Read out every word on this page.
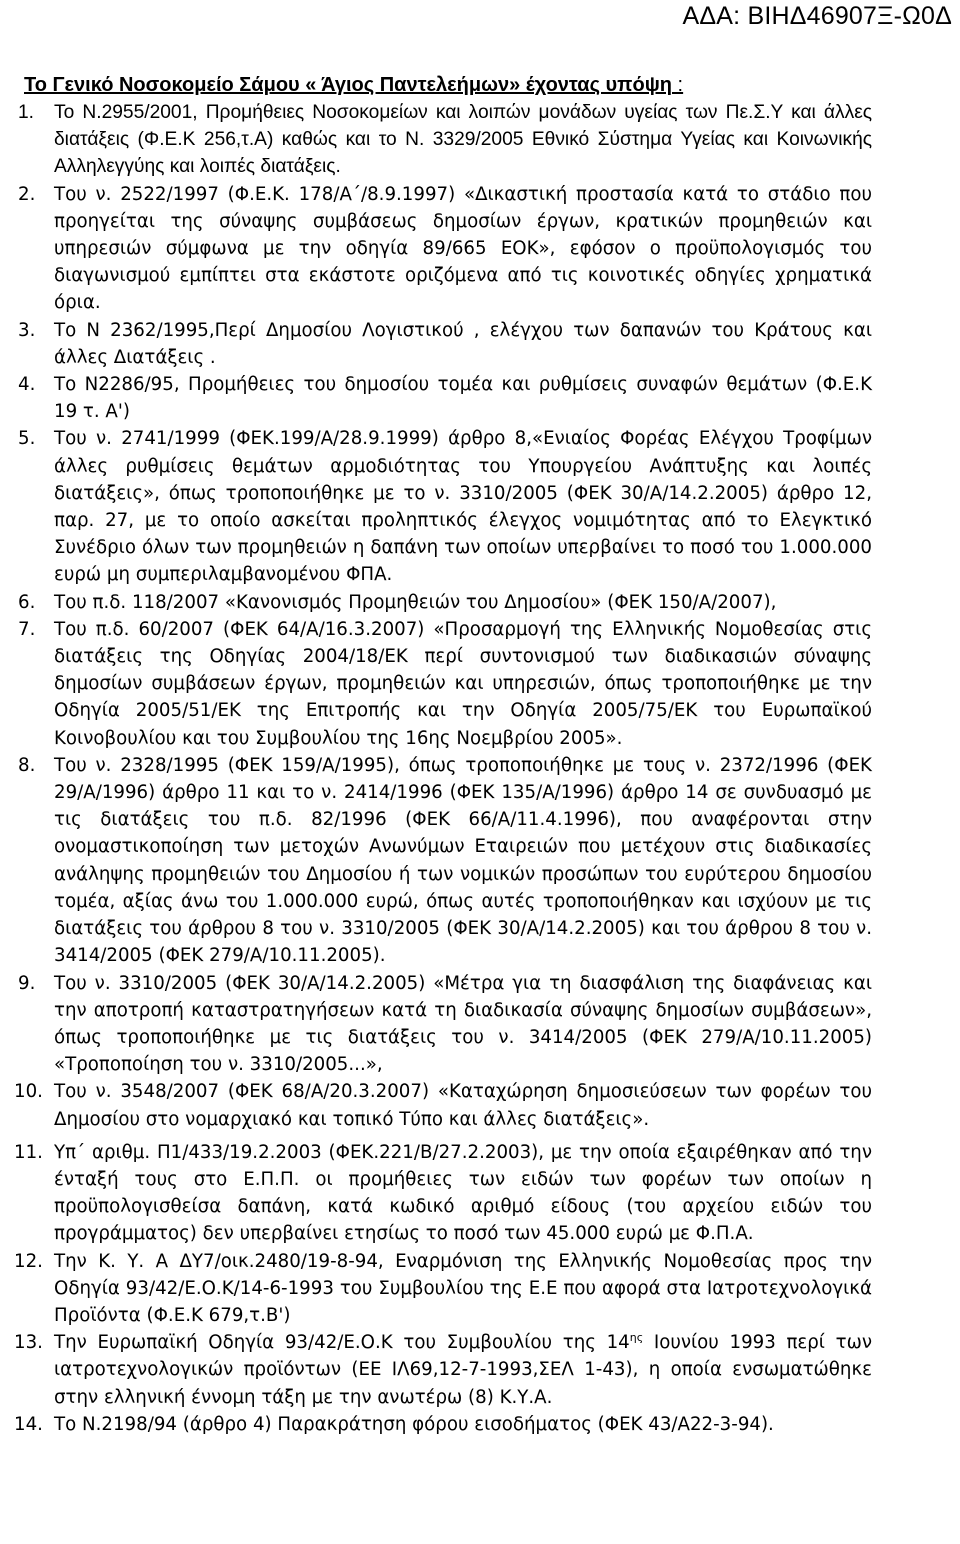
ΑΔΑ: ΒΙΗΔ46907Ξ-Ω0Δ
Το Γενικό Νοσοκομείο Σάμου « Άγιος Παντελεήμων» έχοντας υπόψη :
1. Το Ν.2955/2001, Προμήθειες Νοσοκομείων και λοιπών μονάδων υγείας των Πε.Σ.Υ και άλλες διατάξεις (Φ.Ε.Κ 256,τ.Α) καθώς και το Ν. 3329/2005 Εθνικό Σύστημα Υγείας και Κοινωνικής Αλληλεγγύης και λοιπές διατάξεις.
2. Του ν. 2522/1997 (Φ.Ε.Κ. 178/Α΄/8.9.1997) «Δικαστική προστασία κατά το στάδιο που προηγείται της σύναψης συμβάσεως δημοσίων έργων, κρατικών προμηθειών και υπηρεσιών σύμφωνα με την οδηγία 89/665 ΕΟΚ», εφόσον ο προϋπολογισμός του διαγωνισμού εμπίπτει στα εκάστοτε οριζόμενα από τις κοινοτικές οδηγίες χρηματικά όρια.
3. Το Ν 2362/1995,Περί Δημοσίου Λογιστικού , ελέγχου των δαπανών του Κράτους και άλλες Διατάξεις .
4. Το Ν2286/95, Προμήθειες του δημοσίου τομέα και ρυθμίσεις συναφών θεμάτων (Φ.Ε.Κ 19 τ. Α')
5. Του ν. 2741/1999 (ΦΕΚ.199/Α/28.9.1999) άρθρο 8,«Ενιαίος Φορέας Ελέγχου Τροφίμων άλλες ρυθμίσεις θεμάτων αρμοδιότητας του Υπουργείου Ανάπτυξης και λοιπές διατάξεις», όπως τροποποιήθηκε με το ν. 3310/2005 (ΦΕΚ 30/Α/14.2.2005) άρθρο 12, παρ. 27, με το οποίο ασκείται προληπτικός έλεγχος νομιμότητας από το Ελεγκτικό Συνέδριο όλων των προμηθειών η δαπάνη των οποίων υπερβαίνει το ποσό του 1.000.000 ευρώ μη συμπεριλαμβανομένου ΦΠΑ.
6. Του π.δ. 118/2007 «Κανονισμός Προμηθειών του Δημοσίου» (ΦΕΚ 150/Α/2007),
7. Του π.δ. 60/2007 (ΦΕΚ 64/Α/16.3.2007) «Προσαρμογή της Ελληνικής Νομοθεσίας στις διατάξεις της Οδηγίας 2004/18/ΕΚ περί συντονισμού των διαδικασιών σύναψης δημοσίων συμβάσεων έργων, προμηθειών και υπηρεσιών, όπως τροποποιήθηκε με την Οδηγία 2005/51/ΕΚ της Επιτροπής και την Οδηγία 2005/75/ΕΚ του Ευρωπαϊκού Κοινοβουλίου και του Συμβουλίου της 16ης Νοεμβρίου 2005».
8. Του ν. 2328/1995 (ΦΕΚ 159/Α/1995), όπως τροποποιήθηκε με τους ν. 2372/1996 (ΦΕΚ 29/Α/1996) άρθρο 11 και το ν. 2414/1996 (ΦΕΚ 135/Α/1996) άρθρο 14 σε συνδυασμό με τις διατάξεις του π.δ. 82/1996 (ΦΕΚ 66/Α/11.4.1996), που αναφέρονται στην ονομαστικοποίηση των μετοχών Ανωνύμων Εταιρειών που μετέχουν στις διαδικασίες ανάληψης προμηθειών του Δημοσίου ή των νομικών προσώπων του ευρύτερου δημοσίου τομέα, αξίας άνω του 1.000.000 ευρώ, όπως αυτές τροποποιήθηκαν και ισχύουν με τις διατάξεις του άρθρου 8 του ν. 3310/2005 (ΦΕΚ 30/Α/14.2.2005) και του άρθρου 8 του ν. 3414/2005 (ΦΕΚ 279/Α/10.11.2005).
9. Του ν. 3310/2005 (ΦΕΚ 30/Α/14.2.2005) «Μέτρα για τη διασφάλιση της διαφάνειας και την αποτροπή καταστρατηγήσεων κατά τη διαδικασία σύναψης δημοσίων συμβάσεων», όπως τροποποιήθηκε με τις διατάξεις του ν. 3414/2005 (ΦΕΚ 279/Α/10.11.2005) «Τροποποίηση του ν. 3310/2005...»,
10. Του ν. 3548/2007 (ΦΕΚ 68/Α/20.3.2007) «Καταχώρηση δημοσιεύσεων των φορέων του Δημοσίου στο νομαρχιακό και τοπικό Τύπο και άλλες διατάξεις».
11. Υπ΄ αριθμ. Π1/433/19.2.2003 (ΦΕΚ.221/Β/27.2.2003), με την οποία εξαιρέθηκαν από την ένταξή τους στο Ε.Π.Π. οι προμήθειες των ειδών των φορέων των οποίων η προϋπολογισθείσα δαπάνη, κατά κωδικό αριθμό είδους (του αρχείου ειδών του προγράμματος) δεν υπερβαίνει ετησίως το ποσό των 45.000 ευρώ με Φ.Π.Α.
12. Την Κ. Υ. Α ΔΥ7/οικ.2480/19-8-94, Εναρμόνιση της Ελληνικής Νομοθεσίας προς την Οδηγία 93/42/Ε.Ο.Κ/14-6-1993 του Συμβουλίου της Ε.Ε που αφορά στα Ιατροτεχνολογικά Προϊόντα (Φ.Ε.Κ 679,τ.Β')
13. Την Ευρωπαϊκή Οδηγία 93/42/Ε.Ο.Κ του Συμβουλίου της $14^{\eta\varsigma}$ Ιουνίου 1993 περί των ιατροτεχνολογικών προϊόντων (ΕΕ ΙΛ69,12-7-1993,ΣΕΛ 1-43), η οποία ενσωματώθηκε στην ελληνική έννομη τάξη με την ανωτέρω (8) Κ.Υ.Α.
14. Το Ν.2198/94 (άρθρο 4) Παρακράτηση φόρου εισοδήματος (ΦΕΚ 43/Α22-3-94).
